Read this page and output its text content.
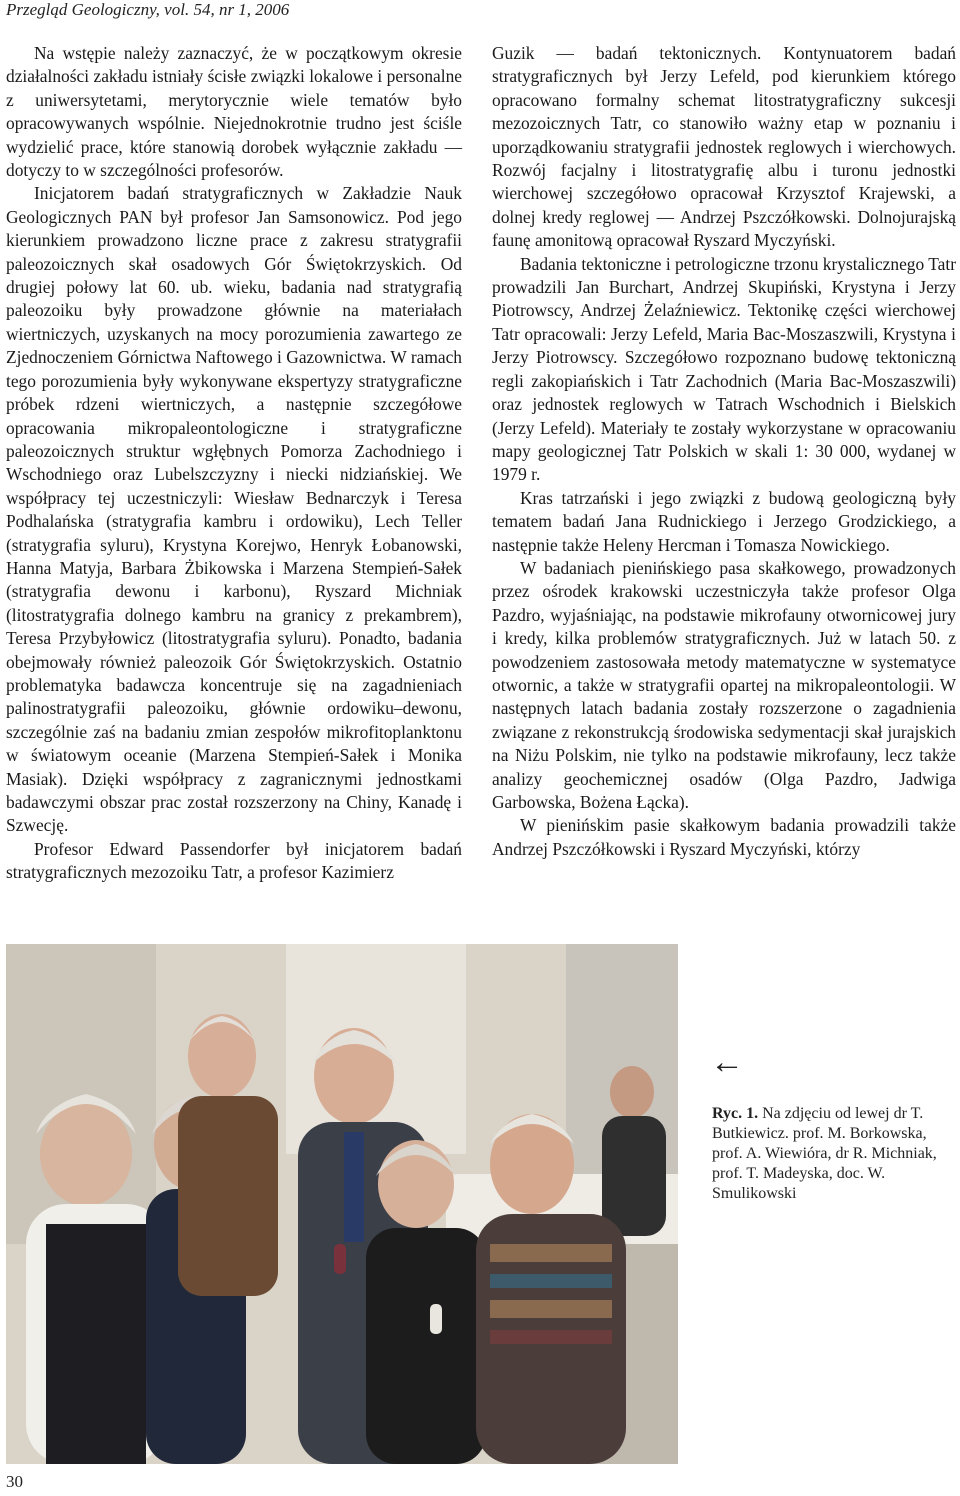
Przegląd Geologiczny, vol. 54, nr 1, 2006

Na wstępie należy zaznaczyć, że w początkowym okresie działalności zakładu istniały ścisłe związki lokalowe i personalne z uniwersytetami, merytorycznie wiele tematów było opracowywanych wspólnie. Niejednokrotnie trudno jest ściśle wydzielić prace, które stanowią dorobek wyłącznie zakładu — dotyczy to w szczególności profesorów.

Inicjatorem badań stratygraficznych w Zakładzie Nauk Geologicznych PAN był profesor Jan Samsonowicz. Pod jego kierunkiem prowadzono liczne prace z zakresu stratygrafii paleozoicznych skał osadowych Gór Świętokrzyskich. Od drugiej połowy lat 60. ub. wieku, badania nad stratygrafią paleozoiku były prowadzone głównie na materiałach wiertniczych, uzyskanych na mocy porozumienia zawartego ze Zjednoczeniem Górnictwa Naftowego i Gazownictwa. W ramach tego porozumienia były wykonywane ekspertyzy stratygraficzne próbek rdzeni wiertniczych, a następnie szczegółowe opracowania mikropaleontologiczne i stratygraficzne paleozoicznych struktur wgłębnych Pomorza Zachodniego i Wschodniego oraz Lubelszczyzny i niecki nidziańskiej. We współpracy tej uczestniczyli: Wiesław Bednarczyk i Teresa Podhalańska (stratygrafia kambru i ordowiku), Lech Teller (stratygrafia syluru), Krystyna Korejwo, Henryk Łobanowski, Hanna Matyja, Barbara Żbikowska i Marzena Stempień-Sałek (stratygrafia dewonu i karbonu), Ryszard Michniak (litostratygrafia dolnego kambru na granicy z prekambrem), Teresa Przybyłowicz (litostratygrafia syluru). Ponadto, badania obejmowały również paleozoik Gór Świętokrzyskich. Ostatnio problematyka badawcza koncentruje się na zagadnieniach palinostratygrafii paleozoiku, głównie ordowiku–dewonu, szczególnie zaś na badaniu zmian zespołów mikrofitoplanktonu w światowym oceanie (Marzena Stempień-Sałek i Monika Masiak). Dzięki współpracy z zagranicznymi jednostkami badawczymi obszar prac został rozszerzony na Chiny, Kanadę i Szwecję.

Profesor Edward Passendorfer był inicjatorem badań stratygraficznych mezozoiku Tatr, a profesor Kazimierz

Guzik — badań tektonicznych. Kontynuatorem badań stratygraficznych był Jerzy Lefeld, pod kierunkiem którego opracowano formalny schemat litostratygraficzny sukcesji mezozoicznych Tatr, co stanowiło ważny etap w poznaniu i uporządkowaniu stratygrafii jednostek reglowych i wierchowych. Rozwój facjalny i litostratygrafię albu i turonu jednostki wierchowej szczegółowo opracował Krzysztof Krajewski, a dolnej kredy reglowej — Andrzej Pszczółkowski. Dolnojurajską faunę amonitową opracował Ryszard Myczyński.

Badania tektoniczne i petrologiczne trzonu krystalicznego Tatr prowadzili Jan Burchart, Andrzej Skupiński, Krystyna i Jerzy Piotrowscy, Andrzej Żelaźniewicz. Tektonikę części wierchowej Tatr opracowali: Jerzy Lefeld, Maria Bac-Moszaszwili, Krystyna i Jerzy Piotrowscy. Szczegółowo rozpoznano budowę tektoniczną regli zakopiańskich i Tatr Zachodnich (Maria Bac-Moszaszwili) oraz jednostek reglowych w Tatrach Wschodnich i Bielskich (Jerzy Lefeld). Materiały te zostały wykorzystane w opracowaniu mapy geologicznej Tatr Polskich w skali 1: 30 000, wydanej w 1979 r.

Kras tatrzański i jego związki z budową geologiczną były tematem badań Jana Rudnickiego i Jerzego Grodzickiego, a następnie także Heleny Hercman i Tomasza Nowickiego.

W badaniach pienińskiego pasa skałkowego, prowadzonych przez ośrodek krakowski uczestniczyła także profesor Olga Pazdro, wyjaśniając, na podstawie mikrofauny otwornicowej jury i kredy, kilka problemów stratygraficznych. Już w latach 50. z powodzeniem zastosowała metody matematyczne w systematyce otwornic, a także w stratygrafii opartej na mikropaleontologii. W następnych latach badania zostały rozszerzone o zagadnienia związane z rekonstrukcją środowiska sedymentacji skał jurajskich na Niżu Polskim, nie tylko na podstawie mikrofauny, lecz także analizy geochemicznej osadów (Olga Pazdro, Jadwiga Garbowska, Bożena Łącka).

W pienińskim pasie skałkowym badania prowadzili także Andrzej Pszczółkowski i Ryszard Myczyński, którzy

←
Ryc. 1. Na zdjęciu od lewej dr T. Butkiewicz. prof. M. Borkowska, prof. A. Wiewióra, dr R. Michniak, prof. T. Madeyska, doc. W. Smulikowski
30
